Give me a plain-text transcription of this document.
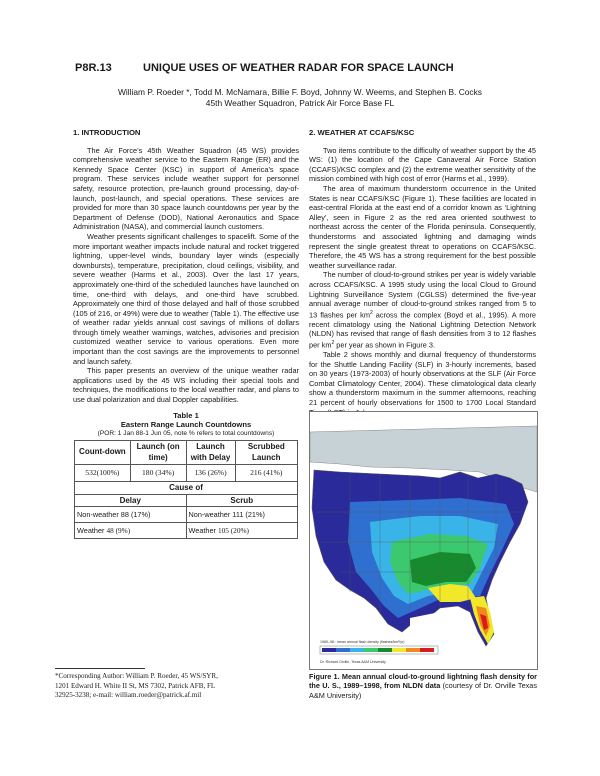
P8R.13	UNIQUE USES OF WEATHER RADAR FOR SPACE LAUNCH
William P. Roeder *, Todd M. McNamara, Billie F. Boyd, Johnny W. Weems, and Stephen B. Cocks
45th Weather Squadron, Patrick Air Force Base FL
1. INTRODUCTION

The Air Force’s 45th Weather Squadron (45 WS) provides comprehensive weather service to the Eastern Range (ER) and the Kennedy Space Center (KSC) in support of America’s space program. These services include weather support for personnel safety, resource protection, pre-launch ground processing, day-of-launch, post-launch, and special operations. These services are provided for more than 30 space launch countdowns per year by the Department of Defense (DOD), National Aeronautics and Space Administration (NASA), and commercial launch customers.

Weather presents significant challenges to spacelift. Some of the more important weather impacts include natural and rocket triggered lightning, upper-level winds, boundary layer winds (especially downbursts), temperature, precipitation, cloud ceilings, visibility, and severe weather (Harms et al., 2003). Over the last 17 years, approximately one-third of the scheduled launches have launched on time, one-third with delays, and one-third have scrubbed. Approximately one third of those delayed and half of those scrubbed (105 of 216, or 49%) were due to weather (Table 1). The effective use of weather radar yields annual cost savings of millions of dollars through timely weather warnings, watches, advisories and precision customized weather service to various operations. Even more important than the cost savings are the improvements to personnel and launch safety.

This paper presents an overview of the unique weather radar applications used by the 45 WS including their special tools and techniques, the modifications to the local weather radar, and plans to use dual polarization and dual Doppler capabilities.

Table 1
Eastern Range Launch Countdowns
(POR: 1 Jan 88-1 Jun 05, note % refers to total countdowns)
Count-down	Launch (on time)	Launch with Delay	Scrubbed Launch
532(100%)	180 (34%)	136 (26%)	216 (41%)
Cause of			
Delay		Scrub	
Non-weather 88 (17%)		Non-weather 111 (21%)	
Weather 48 (9%)		Weather 105 (20%)	
*Corresponding Author: William P. Roeder, 45 WS/SYR,
1201 Edward H. White II St, MS 7302, Patrick AFB, FL
32925-3238; e-mail: william.roeder@patrick.af.mil
2. WEATHER AT CCAFS/KSC

Two items contribute to the difficulty of weather support by the 45 WS: (1) the location of the Cape Canaveral Air Force Station (CCAFS)/KSC complex and (2) the extreme weather sensitivity of the mission combined with high cost of error (Harms et al., 1999).

The area of maximum thunderstorm occurrence in the United States is near CCAFS/KSC (Figure 1). These facilities are located in east-central Florida at the east end of a corridor known as ‘Lightning Alley’, seen in Figure 2 as the red area oriented southwest to northeast across the center of the Florida peninsula. Consequently, thunderstorms and associated lightning and damaging winds represent the single greatest threat to operations on CCAFS/KSC. Therefore, the 45 WS has a strong requirement for the best possible weather surveillance radar.

The number of cloud-to-ground strikes per year is widely variable across CCAFS/KSC. A 1995 study using the local Cloud to Ground Lightning Surveillance System (CGLSS) determined the five-year annual average number of cloud-to-ground strikes ranged from 5 to 13 flashes per $km^2$ across the complex (Boyd et al., 1995). A more recent climatology using the National Lightning Detection Network (NLDN) has revised that range of flash densities from 3 to 12 flashes per $km^2$ per year as shown in Figure 3.

Table 2 shows monthly and diurnal frequency of thunderstorms for the Shuttle Landing Facility (SLF) in 3-hourly increments, based on 30 years (1973-2003) of hourly observations at the SLF (Air Force Combat Climatology Center, 2004). These climatological data clearly show a thunderstorm maximum in the summer afternoons, reaching 21 percent of hourly observations for 1500 to 1700 Local Standard

1989–98 : mean annual flash density (flashes/km²/yr)
Dr. Richard Orville, Texas A&M University
Figure 1. Mean annual cloud-to-ground lightning flash density for the U. S., 1989–1998, from NLDN data (courtesy of Dr. Orville Texas A&M University)
